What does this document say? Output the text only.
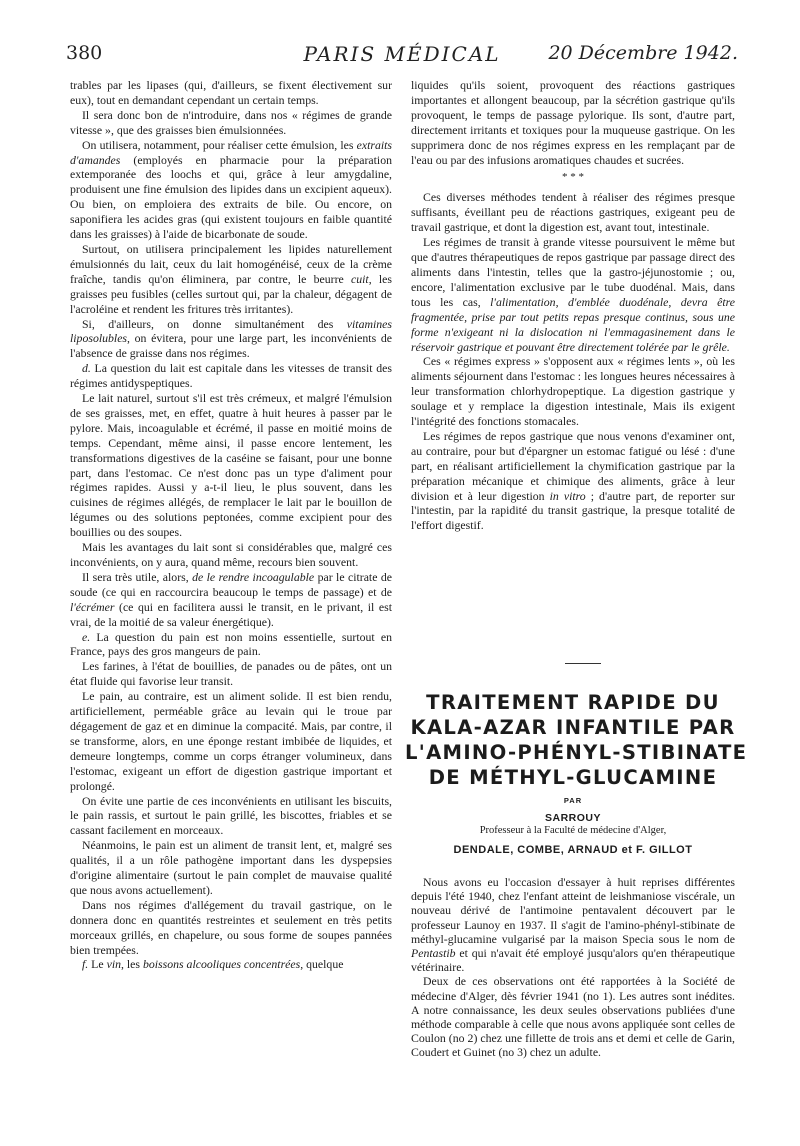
380	PARIS MÉDICAL	20 Décembre 1942.

trables par les lipases (qui, d'ailleurs, se fixent électivement sur eux), tout en demandant cependant un certain temps.

Il sera donc bon de n'introduire, dans nos « régimes de grande vitesse », que des graisses bien émulsionnées.

On utilisera, notamment, pour réaliser cette émulsion, les extraits d'amandes (employés en pharmacie pour la préparation extemporanée des loochs et qui, grâce à leur amygdaline, produisent une fine émulsion des lipides dans un excipient aqueux). Ou bien, on emploiera des extraits de bile. Ou encore, on saponifiera les acides gras (qui existent toujours en faible quantité dans les graisses) à l'aide de bicarbonate de soude.

Surtout, on utilisera principalement les lipides naturellement émulsionnés du lait, ceux du lait homogénéisé, ceux de la crème fraîche, tandis qu'on éliminera, par contre, le beurre cuit, les graisses peu fusibles (celles surtout qui, par la chaleur, dégagent de l'acroléine et rendent les fritures très irritantes).

Si, d'ailleurs, on donne simultanément des vitamines liposolubles, on évitera, pour une large part, les inconvénients de l'absence de graisse dans nos régimes.

d. La question du lait est capitale dans les vitesses de transit des régimes antidyspeptiques.

Le lait naturel, surtout s'il est très crémeux, et malgré l'émulsion de ses graisses, met, en effet, quatre à huit heures à passer par le pylore. Mais, incoagulable et écrémé, il passe en moitié moins de temps. Cependant, même ainsi, il passe encore lentement, les transformations digestives de la caséine se faisant, pour une bonne part, dans l'estomac. Ce n'est donc pas un type d'aliment pour régimes rapides. Aussi y a-t-il lieu, le plus souvent, dans les cuisines de régimes allégés, de remplacer le lait par le bouillon de légumes ou des solutions peptonées, comme excipient pour des bouillies ou des soupes.

Mais les avantages du lait sont si considérables que, malgré ces inconvénients, on y aura, quand même, recours bien souvent.

Il sera très utile, alors, de le rendre incoagulable par le citrate de soude (ce qui en raccourcira beaucoup le temps de passage) et de l'écrémer (ce qui en facilitera aussi le transit, en le privant, il est vrai, de la moitié de sa valeur énergétique).

e. La question du pain est non moins essentielle, surtout en France, pays des gros mangeurs de pain.

Les farines, à l'état de bouillies, de panades ou de pâtes, ont un état fluide qui favorise leur transit.

Le pain, au contraire, est un aliment solide. Il est bien rendu, artificiellement, perméable grâce au levain qui le troue par dégagement de gaz et en diminue la compacité. Mais, par contre, il se transforme, alors, en une éponge restant imbibée de liquides, et demeure longtemps, comme un corps étranger volumineux, dans l'estomac, exigeant un effort de digestion gastrique important et prolongé.

On évite une partie de ces inconvénients en utilisant les biscuits, le pain rassis, et surtout le pain grillé, les biscottes, friables et se cassant facilement en morceaux.

Néanmoins, le pain est un aliment de transit lent, et, malgré ses qualités, il a un rôle pathogène important dans les dyspepsies d'origine alimentaire (surtout le pain complet de mauvaise qualité que nous avons actuellement).

Dans nos régimes d'allégement du travail gastrique, on le donnera donc en quantités restreintes et seulement en très petits morceaux grillés, en chapelure, ou sous forme de soupes pannées bien trempées.

f. Le vin, les boissons alcooliques concentrées, quelque

liquides qu'ils soient, provoquent des réactions gastriques importantes et allongent beaucoup, par la sécrétion gastrique qu'ils provoquent, le temps de passage pylorique. Ils sont, d'autre part, directement irritants et toxiques pour la muqueuse gastrique. On les supprimera donc de nos régimes express en les remplaçant par de l'eau ou par des infusions aromatiques chaudes et sucrées.

* * *

Ces diverses méthodes tendent à réaliser des régimes presque suffisants, éveillant peu de réactions gastriques, exigeant peu de travail gastrique, et dont la digestion est, avant tout, intestinale.

Les régimes de transit à grande vitesse poursuivent le même but que d'autres thérapeutiques de repos gastrique par passage direct des aliments dans l'intestin, telles que la gastro-jéjunostomie ; ou, encore, l'alimentation exclusive par le tube duodénal. Mais, dans tous les cas, l'alimentation, d'emblée duodénale, devra être fragmentée, prise par tout petits repas presque continus, sous une forme n'exigeant ni la dislocation ni l'emmagasinement dans le réservoir gastrique et pouvant être directement tolérée par le grêle.

Ces « régimes express » s'opposent aux « régimes lents », où les aliments séjournent dans l'estomac : les longues heures nécessaires à leur transformation chlorhydropeptique. La digestion gastrique y soulage et y remplace la digestion intestinale, Mais ils exigent l'intégrité des fonctions stomacales.

Les régimes de repos gastrique que nous venons d'examiner ont, au contraire, pour but d'épargner un estomac fatigué ou lésé : d'une part, en réalisant artificiellement la chymification gastrique par la préparation mécanique et chimique des aliments, grâce à leur division et à leur digestion in vitro ; d'autre part, de reporter sur l'intestin, par la rapidité du transit gastrique, la presque totalité de l'effort digestif.

TRAITEMENT RAPIDE DU
KALA-AZAR INFANTILE PAR
L'AMINO-PHÉNYL-STIBINATE
DE MÉTHYL-GLUCAMINE
PAR
SARROUY
Professeur à la Faculté de médecine d'Alger,
DENDALE, COMBE, ARNAUD et F. GILLOT

Nous avons eu l'occasion d'essayer à huit reprises différentes depuis l'été 1940, chez l'enfant atteint de leishmaniose viscérale, un nouveau dérivé de l'antimoine pentavalent découvert par le professeur Launoy en 1937. Il s'agit de l'amino-phényl-stibinate de méthyl-glucamine vulgarisé par la maison Specia sous le nom de Pentastib et qui n'avait été employé jusqu'alors qu'en thérapeutique vétérinaire.

Deux de ces observations ont été rapportées à la Société de médecine d'Alger, dès février 1941 (no 1). Les autres sont inédites. A notre connaissance, les deux seules observations publiées d'une méthode comparable à celle que nous avons appliquée sont celles de Coulon (no 2) chez une fillette de trois ans et demi et celle de Garin, Coudert et Guinet (no 3) chez un adulte.
